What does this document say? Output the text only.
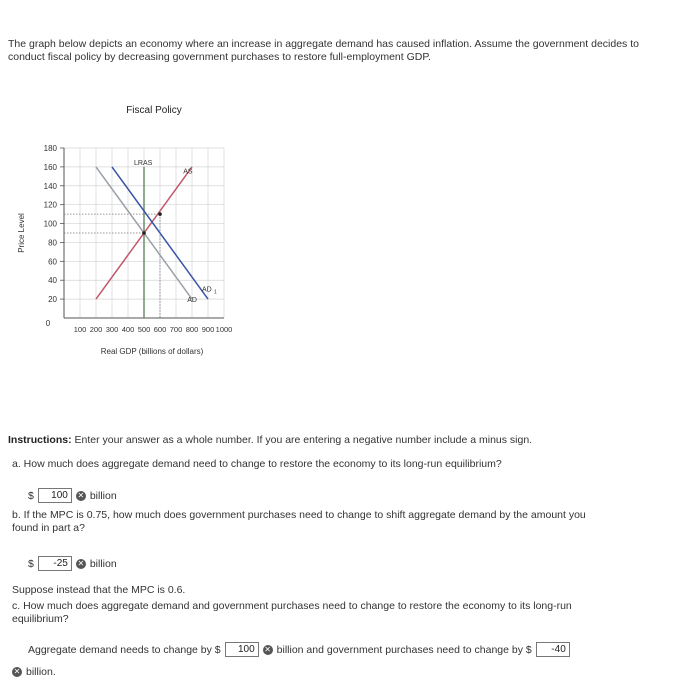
The graph below depicts an economy where an increase in aggregate demand has caused inflation. Assume the government decides to conduct fiscal policy by decreasing government purchases to restore full-employment GDP.
Fiscal Policy
20
40
60
80
100
120
140
160
180
100 200 300 400 500 600 700 800 900 1000
0
Real GDP (billions of dollars)
Price Level
LRAS
AS
AD
AD 1
Instructions: Enter your answer as a whole number. If you are entering a negative number include a minus sign.
a. How much does aggregate demand need to change to restore the economy to its long-run equilibrium?
$	100	✕ billion
b. If the MPC is 0.75, how much does government purchases need to change to shift aggregate demand by the amount you found in part a?
$	-25	✕ billion
Suppose instead that the MPC is 0.6.
c. How much does aggregate demand and government purchases need to change to restore the economy to its long-run equilibrium?
Aggregate demand needs to change by $	100	✕ billion and government purchases need to change by $	-40
✕ billion.
